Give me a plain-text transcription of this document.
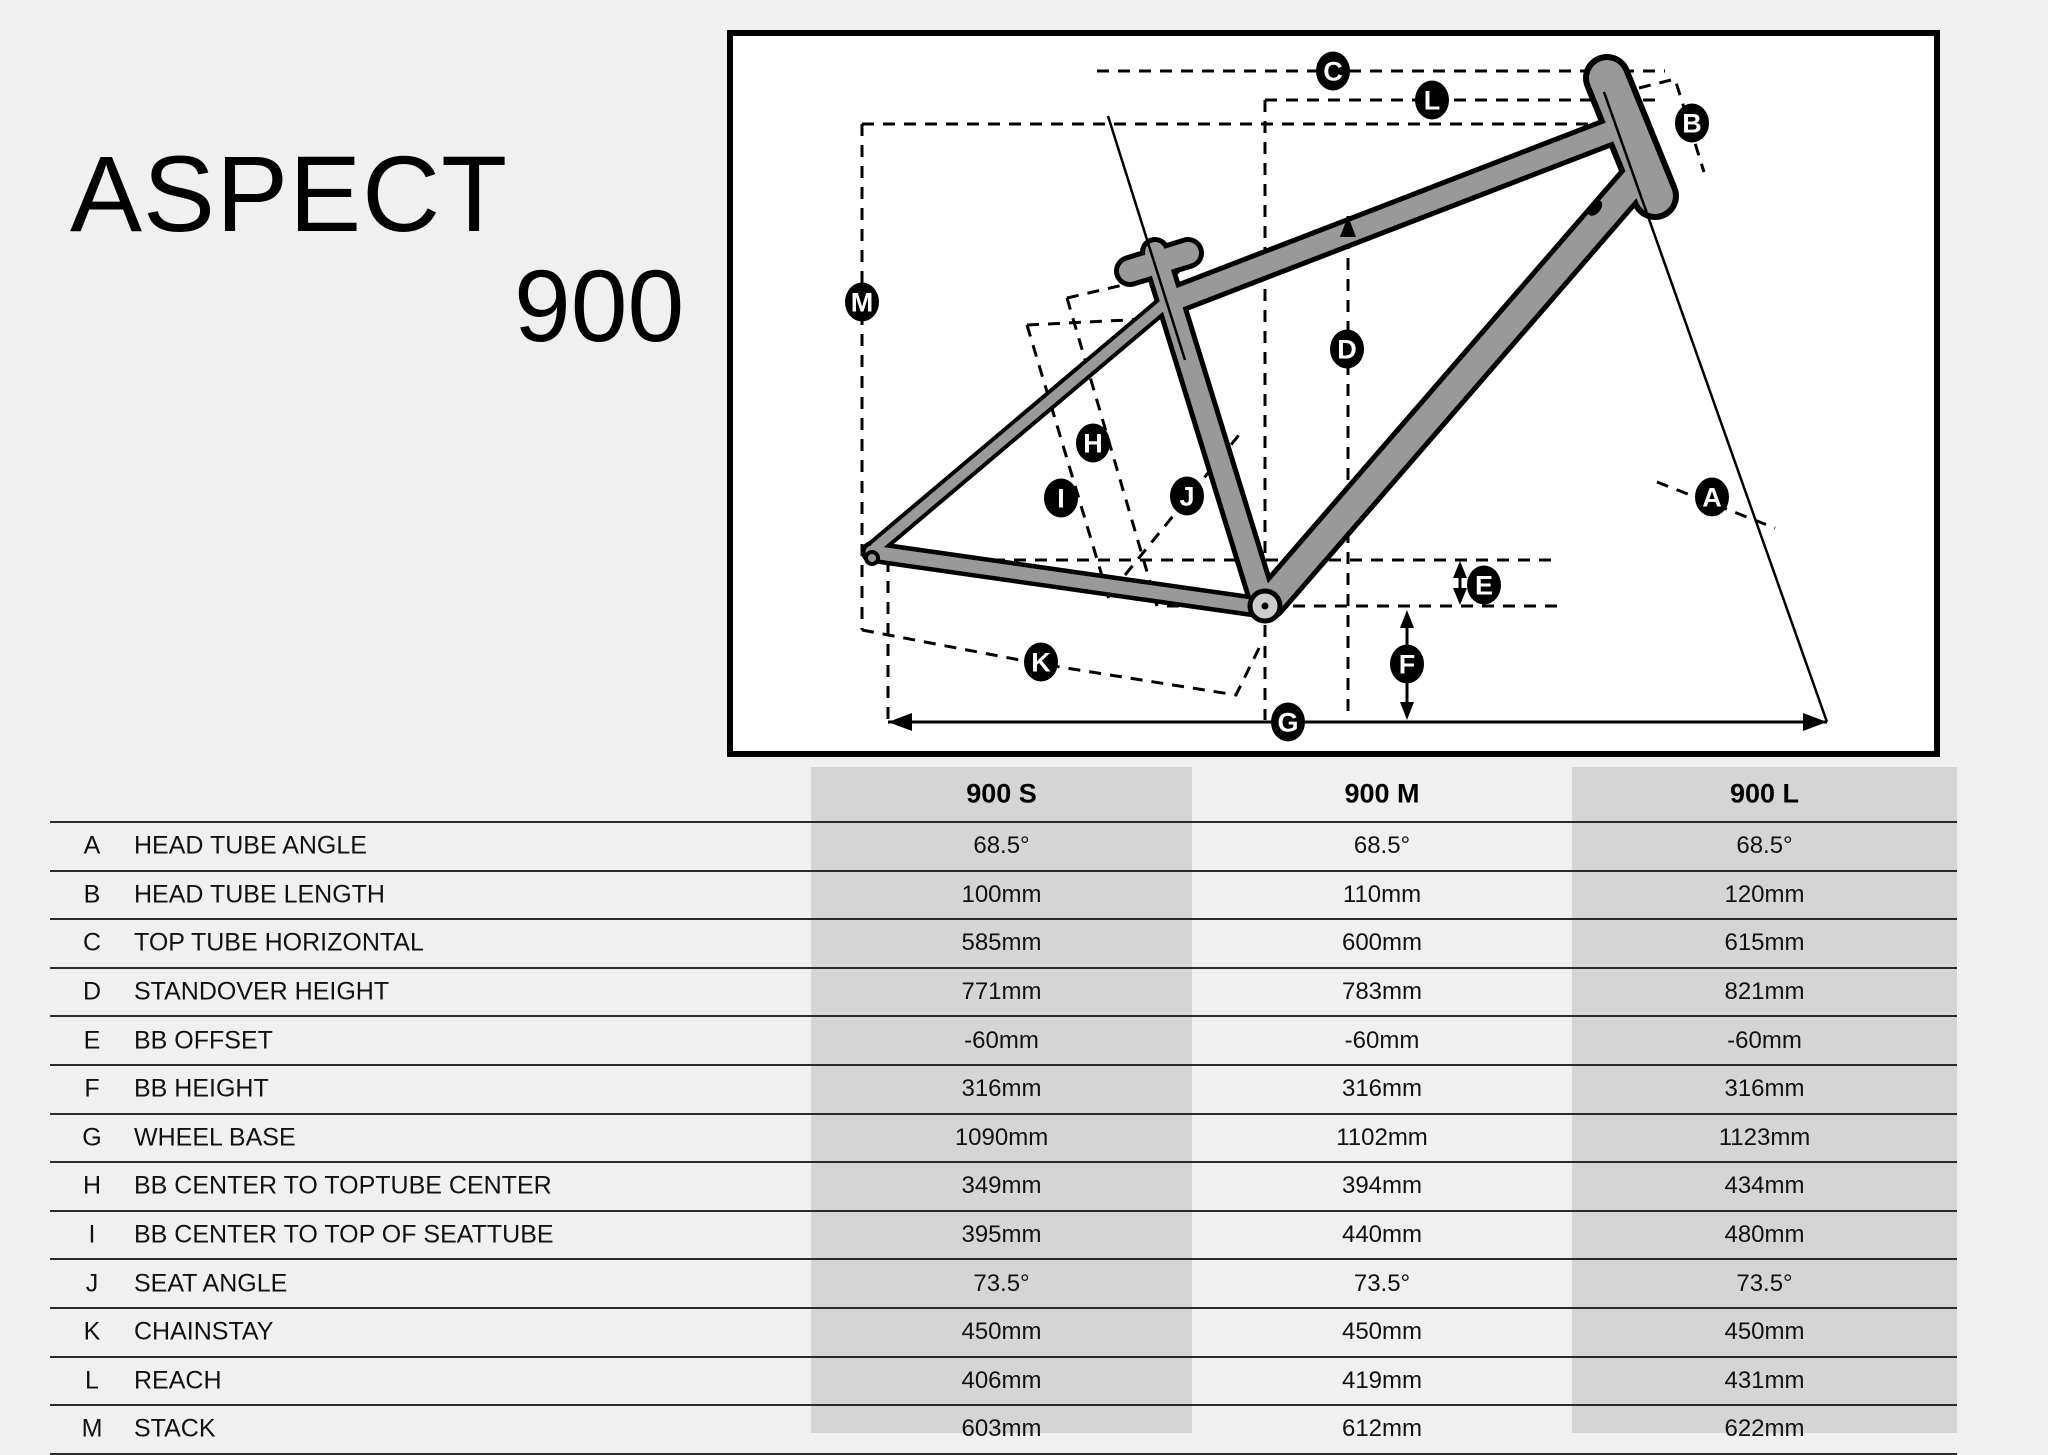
ASPECT
900
A
B
C
D
E
F
G
H
I	J
K
L
M
900 S	900 M	900 L
A	HEAD TUBE ANGLE	68.5°	68.5°	68.5°
B	HEAD TUBE LENGTH	100mm	110mm	120mm
C	TOP TUBE HORIZONTAL	585mm	600mm	615mm
D	STANDOVER HEIGHT	771mm	783mm	821mm
E	BB OFFSET	-60mm	-60mm	-60mm
F	BB HEIGHT	316mm	316mm	316mm
G	WHEEL BASE	1090mm	1102mm	1123mm
H	BB CENTER TO TOPTUBE CENTER	349mm	394mm	434mm
I	BB CENTER TO TOP OF SEATTUBE	395mm	440mm	480mm
J	SEAT ANGLE	73.5°	73.5°	73.5°
K	CHAINSTAY	450mm	450mm	450mm
L	REACH	406mm	419mm	431mm
M	STACK	603mm	612mm	622mm
